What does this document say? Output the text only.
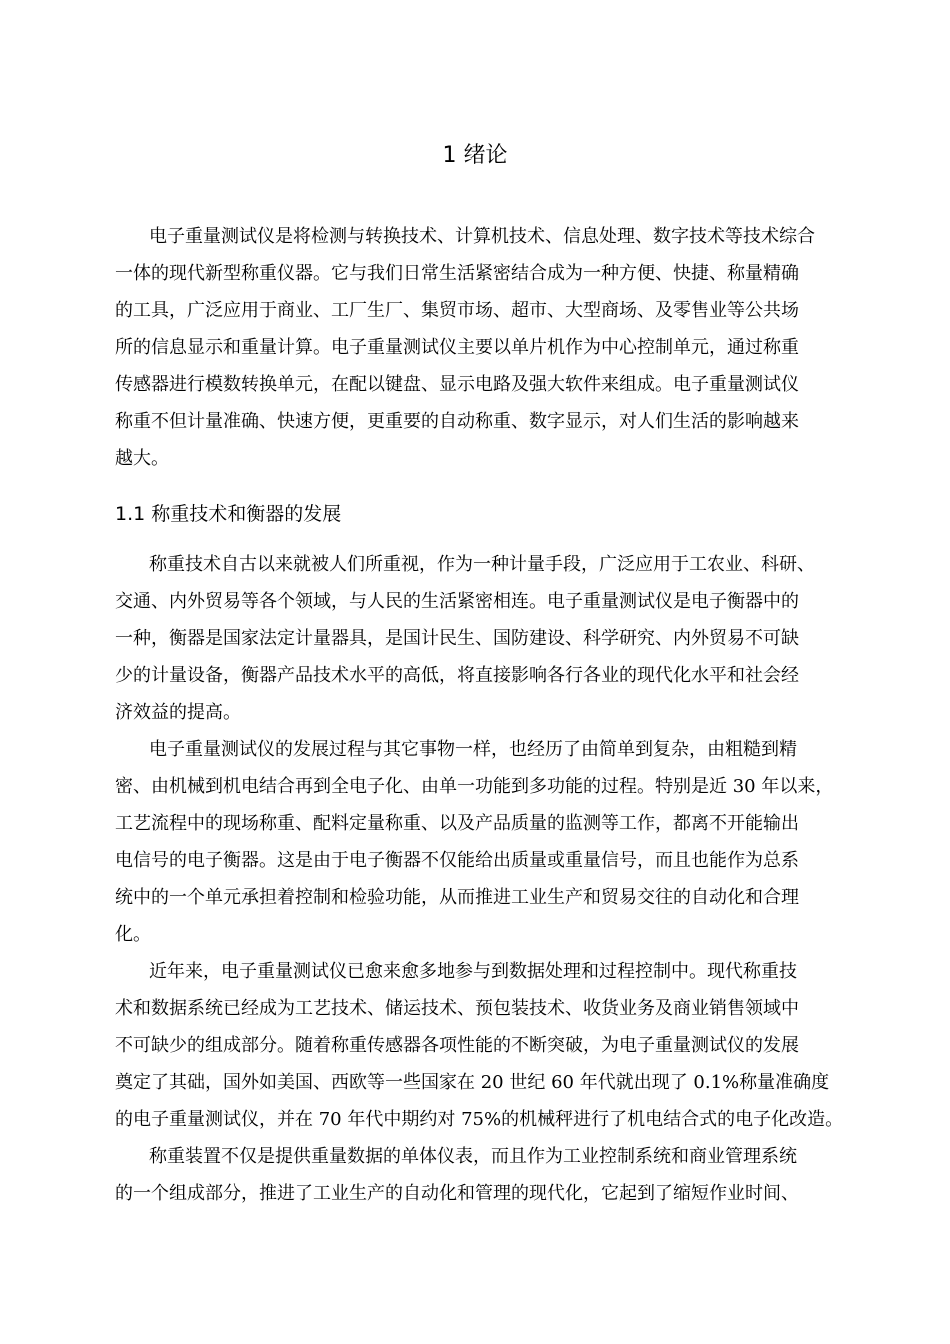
1 绪论
电子重量测试仪是将检测与转换技术、计算机技术、信息处理、数字技术等技术综合
一体的现代新型称重仪器。它与我们日常生活紧密结合成为一种方便、快捷、称量精确
的工具，广泛应用于商业、工厂生厂、集贸市场、超市、大型商场、及零售业等公共场
所的信息显示和重量计算。电子重量测试仪主要以单片机作为中心控制单元，通过称重
传感器进行模数转换单元，在配以键盘、显示电路及强大软件来组成。电子重量测试仪
称重不但计量准确、快速方便，更重要的自动称重、数字显示，对人们生活的影响越来
越大。
1.1 称重技术和衡器的发展
称重技术自古以来就被人们所重视，作为一种计量手段，广泛应用于工农业、科研、
交通、内外贸易等各个领域，与人民的生活紧密相连。电子重量测试仪是电子衡器中的
一种，衡器是国家法定计量器具，是国计民生、国防建设、科学研究、内外贸易不可缺
少的计量设备，衡器产品技术水平的高低，将直接影响各行各业的现代化水平和社会经
济效益的提高。
电子重量测试仪的发展过程与其它事物一样，也经历了由简单到复杂，由粗糙到精
密、由机械到机电结合再到全电子化、由单一功能到多功能的过程。特别是近 30 年以来，
工艺流程中的现场称重、配料定量称重、以及产品质量的监测等工作，都离不开能输出
电信号的电子衡器。这是由于电子衡器不仅能给出质量或重量信号，而且也能作为总系
统中的一个单元承担着控制和检验功能，从而推进工业生产和贸易交往的自动化和合理
化。
近年来，电子重量测试仪已愈来愈多地参与到数据处理和过程控制中。现代称重技
术和数据系统已经成为工艺技术、储运技术、预包装技术、收货业务及商业销售领域中
不可缺少的组成部分。随着称重传感器各项性能的不断突破，为电子重量测试仪的发展
奠定了其础，国外如美国、西欧等一些国家在 20 世纪 60 年代就出现了 0.1%称量准确度
的电子重量测试仪，并在 70 年代中期约对 75%的机械秤进行了机电结合式的电子化改造。
称重装置不仅是提供重量数据的单体仪表，而且作为工业控制系统和商业管理系统
的一个组成部分，推进了工业生产的自动化和管理的现代化，它起到了缩短作业时间、
